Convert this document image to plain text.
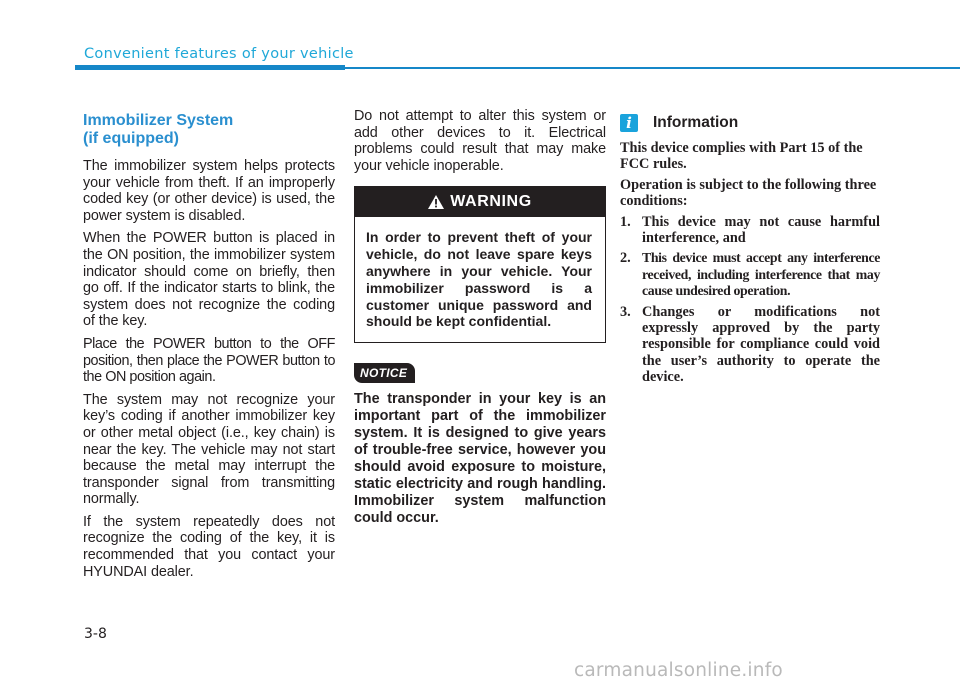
Convenient features of your vehicle
Immobilizer System
(if equipped)

The immobilizer system helps protects your vehicle from theft. If an improperly coded key (or other device) is used, the power system is disabled.

When the POWER button is placed in the ON position, the immobilizer system indicator should come on briefly, then go off. If the indicator starts to blink, the system does not recognize the coding of the key.

Place the POWER button to the OFF position, then place the POWER button to the ON position again.

The system may not recognize your key’s coding if another immobilizer key or other metal object (i.e., key chain) is near the key. The vehicle may not start because the metal may interrupt the transponder signal from transmitting normally.

If the system repeatedly does not recognize the coding of the key, it is recommended that you contact your HYUNDAI dealer.

Do not attempt to alter this system or add other devices to it. Electrical problems could result that may make your vehicle inoperable.

WARNING
In order to prevent theft of your vehicle, do not leave spare keys anywhere in your vehicle. Your immobilizer password is a customer unique password and should be kept confidential.
NOTICE
The transponder in your key is an important part of the immobilizer system. It is designed to give years of trouble-free service, however you should avoid exposure to moisture, static electricity and rough handling. Immobilizer system malfunction could occur.
i	Information

This device complies with Part 15 of the FCC rules.

Operation is subject to the following three conditions:

1. This device may not cause harmful interference, and
2. This device must accept any interference received, including interference that may cause undesired operation.
3. Changes or modifications not expressly approved by the party responsible for compliance could void the user’s authority to operate the device.
3-8
carmanualsonline.info
